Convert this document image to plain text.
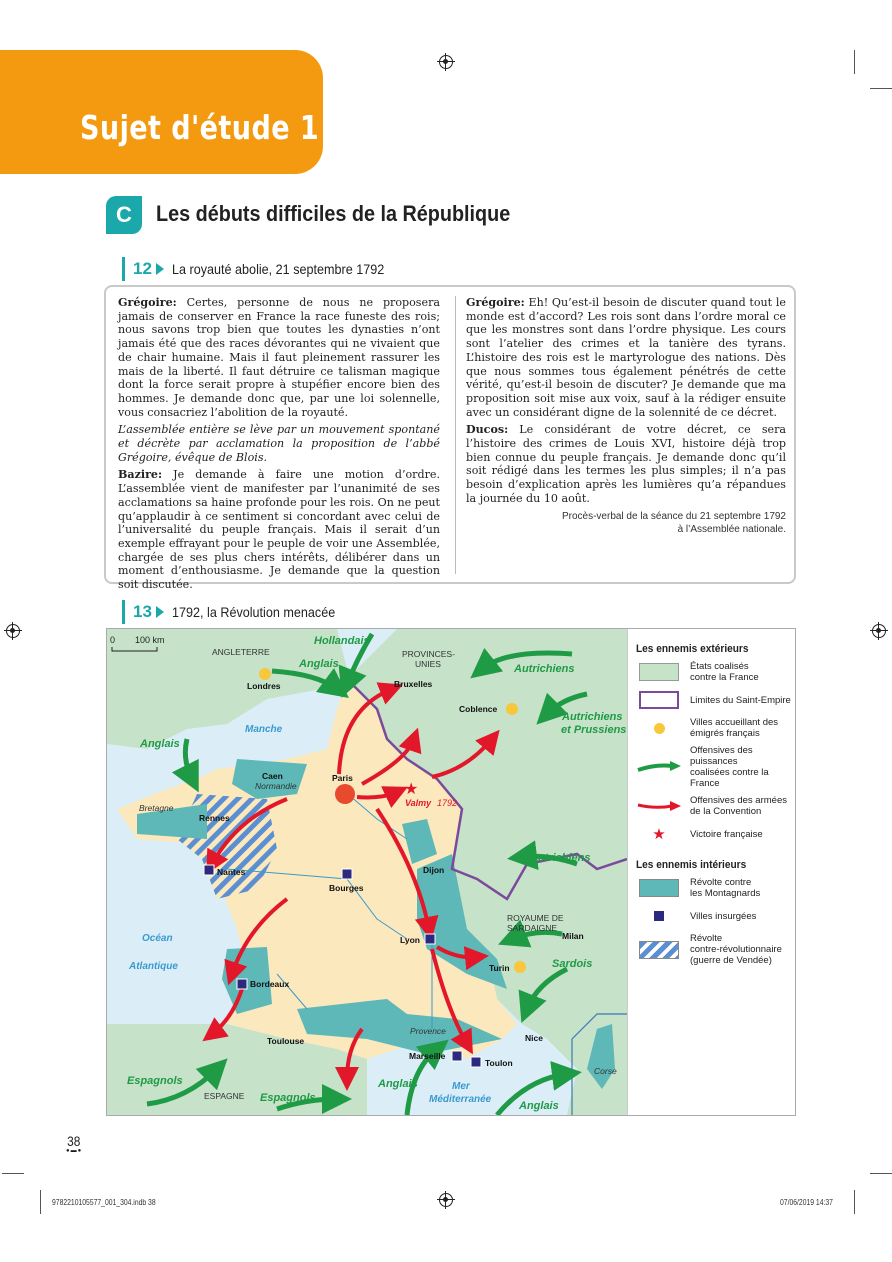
Sujet d'étude 1
C	Les débuts difficiles de la République
12 La royauté abolie, 21 septembre 1792

Grégoire: Certes, personne de nous ne proposera jamais de conserver en France la race funeste des rois; nous savons trop bien que toutes les dynasties n’ont jamais été que des races dévorantes qui ne vivaient que de chair humaine. Mais il faut pleinement rassurer les mais de la liberté. Il faut détruire ce talisman magique dont la force serait propre à stupéfier encore bien des hommes. Je demande donc que, par une loi solennelle, vous consacriez l’abolition de la royauté.

L’assemblée entière se lève par un mouvement spontané et décrète par acclamation la proposition de l’abbé Grégoire, évêque de Blois.

Bazire: Je demande à faire une motion d’ordre. L’assemblée vient de manifester par l’unanimité de ses acclamations sa haine profonde pour les rois. On ne peut qu’applaudir à ce sentiment si concordant avec celui de l’universalité du peuple français. Mais il serait d’un exemple effrayant pour le peuple de voir une Assemblée, chargée de ses plus chers intérêts, délibérer dans un moment d’enthousiasme. Je demande que la question soit discutée.

Grégoire: Eh! Qu’est-il besoin de discuter quand tout le monde est d’accord? Les rois sont dans l’ordre moral ce que les monstres sont dans l’ordre physique. Les cours sont l’atelier des crimes et la tanière des tyrans. L’histoire des rois est le martyrologue des nations. Dès que nous sommes tous également pénétrés de cette vérité, qu’est-il besoin de discuter? Je demande que ma proposition soit mise aux voix, sauf à la rédiger ensuite avec un considérant digne de la solennité de ce décret.

Ducos: Le considérant de votre décret, ce sera l’histoire des crimes de Louis XVI, histoire déjà trop bien connue du peuple français. Je demande donc qu’il soit rédigé dans les termes les plus simples; il n’a pas besoin d’explication après les lumières qu’a répandues la journée du 10 août.

Procès-verbal de la séance du 21 septembre 1792
à l’Assemblée nationale.
13 1792, la Révolution menacée
0 100 km
★
ANGLETERRE	PROVINCES-
UNIES
ROYAUME DE
SARDAIGNE
ESPAGNE
Normandie
Bretagne
Provence
Corse
Manche
Océan
Atlantique
Mer
Méditerranée
Londres	Bruxelles
Coblence
Paris
Caen
Rennes
Nantes
Bourges
Dijon
Lyon	Milan
Turin
Bordeaux
Toulouse
Marseille
Toulon
Nice
Hollandais
Anglais
Anglais
Autrichiens
Autrichiens
et Prussiens
Autrichiens
Sardois
Espagnols
Espagnols
Anglais
Anglais
Valmy 1792
Les ennemis extérieurs
États coalisés
contre la France
Limites du Saint-Empire
Villes accueillant des
émigrés français
Offensives des puissances
coalisées contre la France
Offensives des armées
de la Convention
★	Victoire française
Les ennemis intérieurs
Révolte contre
les Montagnards
Villes insurgées
Révolte
contre-révolutionnaire
(guerre de Vendée)
38
●▬●
9782210105577_001_304.indb 38	07/06/2019 14:37
